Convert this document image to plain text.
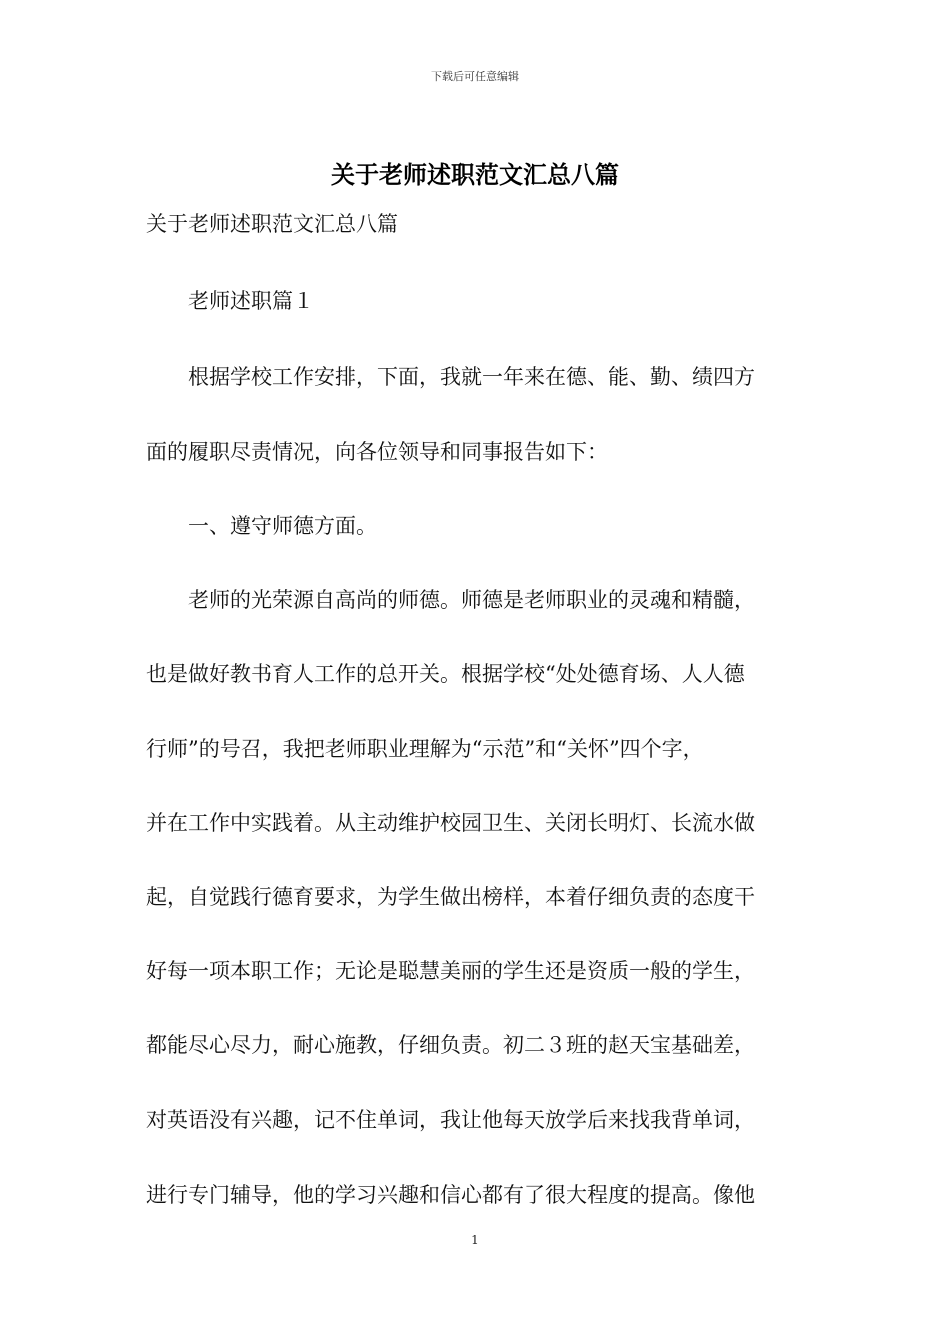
下载后可任意编辑
关于老师述职范文汇总八篇
关于老师述职范文汇总八篇
　　老师述职篇１
　　根据学校工作安排，下面，我就一年来在德、能、勤、绩四方
面的履职尽责情况，向各位领导和同事报告如下：
　　一、遵守师德方面。
　　老师的光荣源自高尚的师德。师德是老师职业的灵魂和精髓，
也是做好教书育人工作的总开关。根据学校“处处德育场、人人德
行师”的号召，我把老师职业理解为“示范”和“关怀”四个字，
并在工作中实践着。从主动维护校园卫生、关闭长明灯、长流水做
起，自觉践行德育要求，为学生做出榜样，本着仔细负责的态度干
好每一项本职工作；无论是聪慧美丽的学生还是资质一般的学生，
都能尽心尽力，耐心施教，仔细负责。初二３班的赵天宝基础差，
对英语没有兴趣，记不住单词，我让他每天放学后来找我背单词，
进行专门辅导，他的学习兴趣和信心都有了很大程度的提高。像他
1
